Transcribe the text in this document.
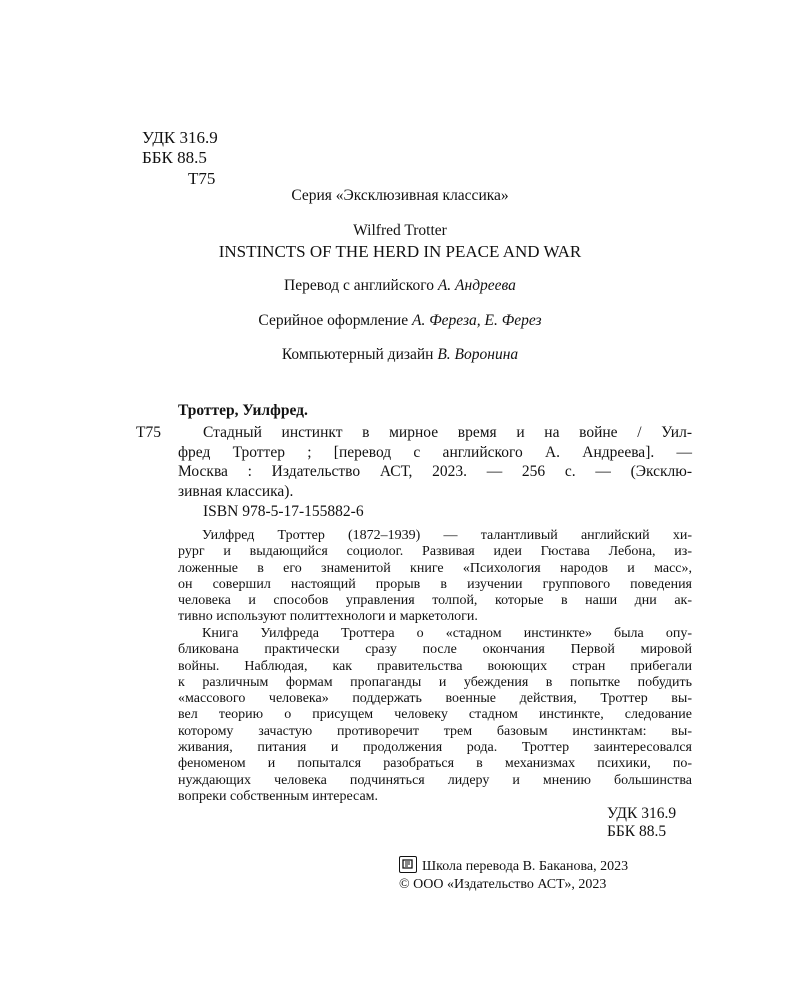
УДК 316.9
ББК 88.5
Т75
Серия «Эксклюзивная классика»
Wilfred Trotter
INSTINCTS OF THE HERD IN PEACE AND WAR
Перевод с английского А. Андреева
Серийное оформление А. Фереза, Е. Ферез
Компьютерный дизайн В. Воронина
Троттер, Уилфред.
Т75	Стадный инстинкт в мирное время и на войне / Уил-
фред Троттер ; [перевод с английского А. Андреева]. —
Москва : Издательство АСТ, 2023. — 256 с. — (Эксклю-
зивная классика).
ISBN 978-5-17-155882-6
Уилфред Троттер (1872–1939) — талантливый английский хи-
рург и выдающийся социолог. Развивая идеи Гюстава Лебона, из-
ложенные в его знаменитой книге «Психология народов и масс»,
он совершил настоящий прорыв в изучении группового поведения
человека и способов управления толпой, которые в наши дни ак-
тивно используют политтехнологи и маркетологи.
Книга Уилфреда Троттера о «стадном инстинкте» была опу-
бликована практически сразу после окончания Первой мировой
войны. Наблюдая, как правительства воюющих стран прибегали
к различным формам пропаганды и убеждения в попытке побудить
«массового человека» поддержать военные действия, Троттер вы-
вел теорию о присущем человеку стадном инстинкте, следование
которому зачастую противоречит трем базовым инстинктам: вы-
живания, питания и продолжения рода. Троттер заинтересовался
феноменом и попытался разобраться в механизмах психики, по-
нуждающих человека подчиняться лидеру и мнению большинства
вопреки собственным интересам.
УДК 316.9
ББК 88.5
Школа перевода В. Баканова, 2023
© ООО «Издательство АСТ», 2023
